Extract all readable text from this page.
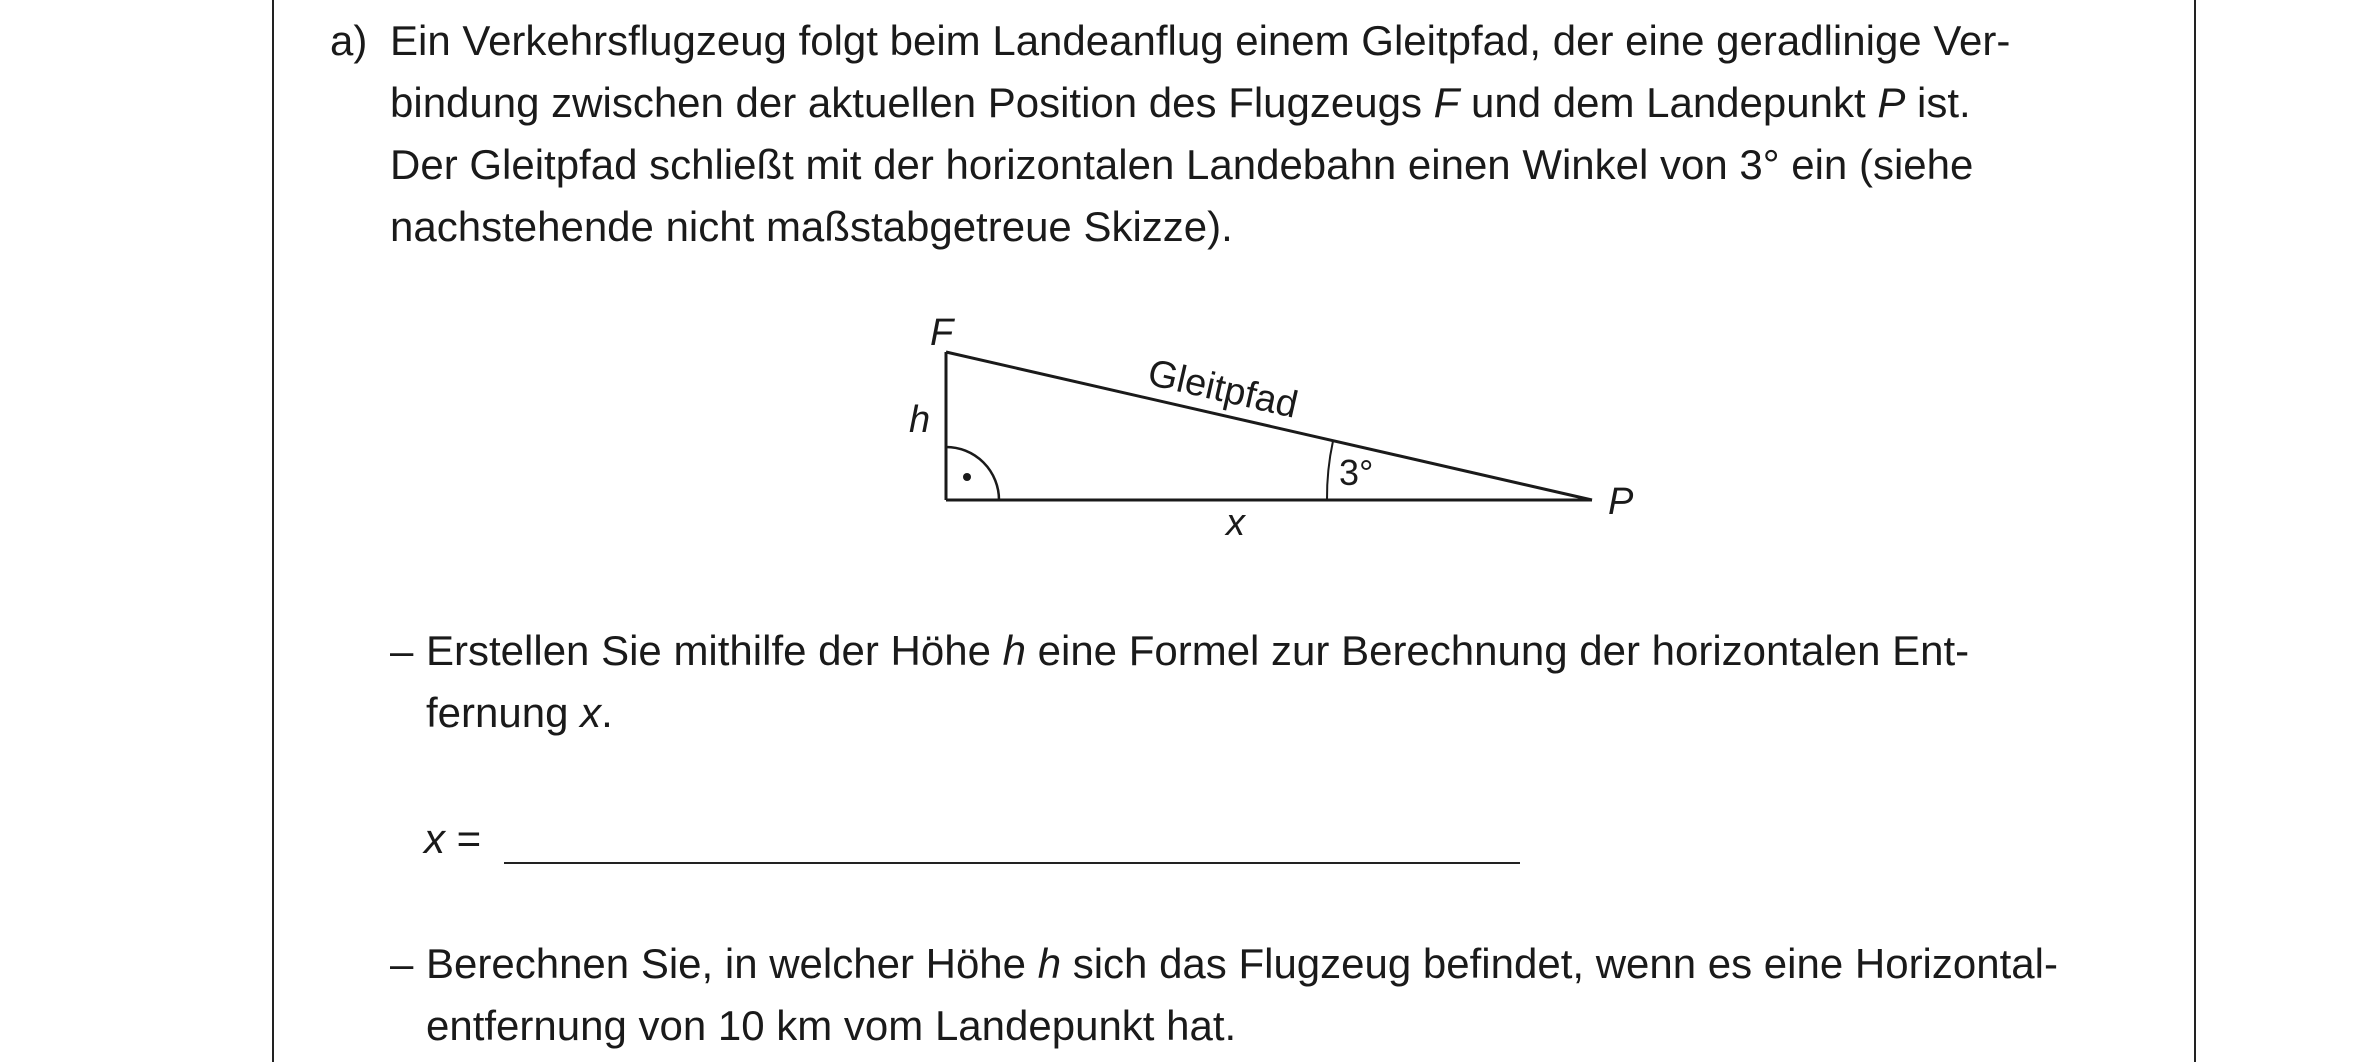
a) Ein Verkehrsflugzeug folgt beim Landeanflug einem Gleitpfad, der eine geradlinige Ver-
bindung zwischen der aktuellen Position des Flugzeugs F und dem Landepunkt P ist.
Der Gleitpfad schließt mit der horizontalen Landebahn einen Winkel von 3° ein (siehe
nachstehende nicht maßstabgetreue Skizze).
F
P
h
x
Gleitpfad
3°
– Erstellen Sie mithilfe der Höhe h eine Formel zur Berechnung der horizontalen Ent-
fernung x.
x =
– Berechnen Sie, in welcher Höhe h sich das Flugzeug befindet, wenn es eine Horizontal-
entfernung von 10 km vom Landepunkt hat.
